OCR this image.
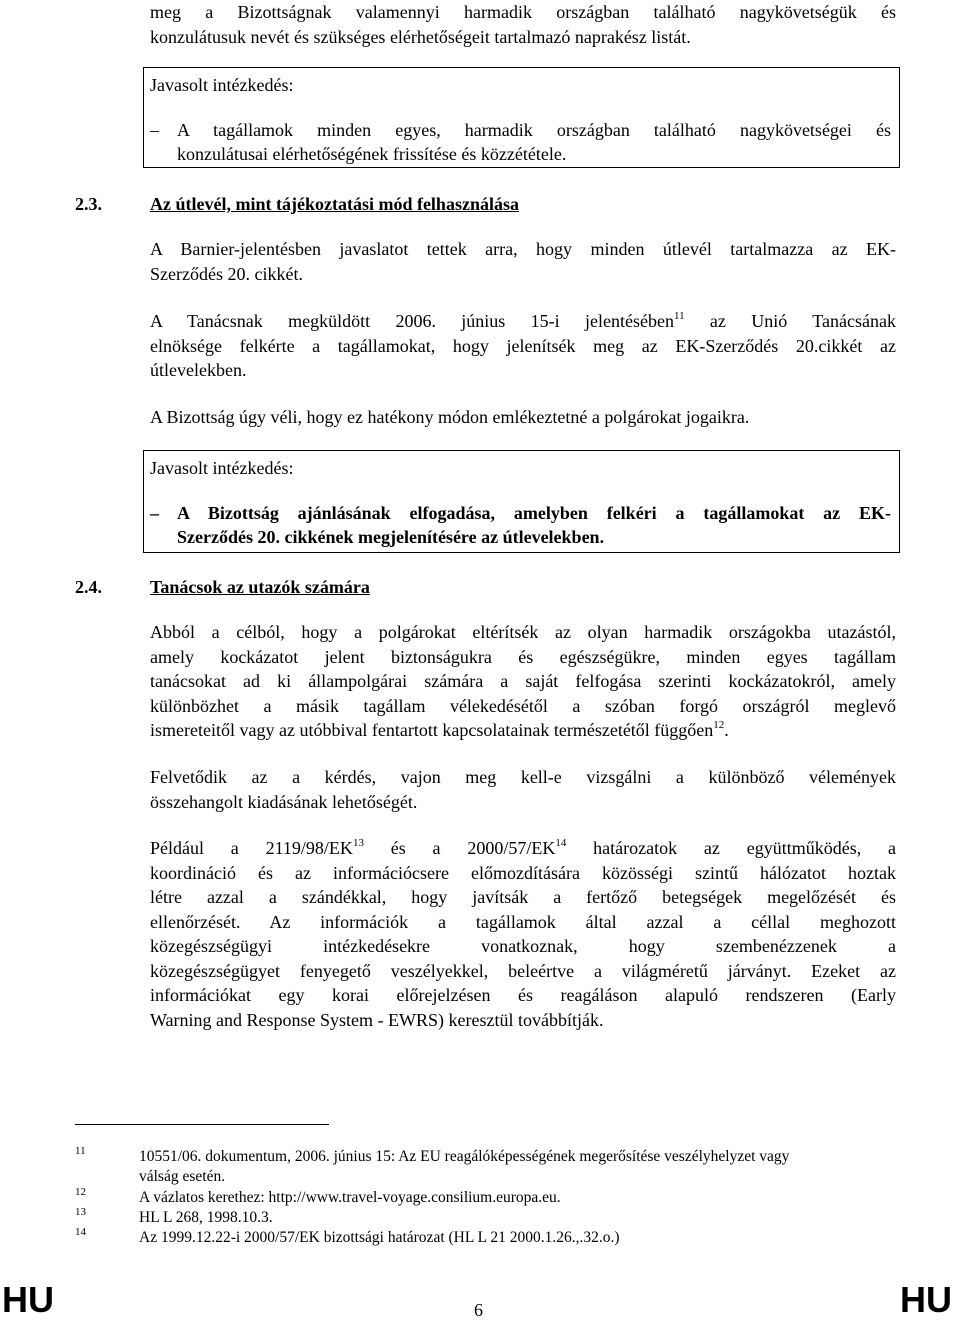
meg a Bizottságnak valamennyi harmadik országban található nagykövetségük és
konzulátusuk nevét és szükséges elérhetőségeit tartalmazó naprakész listát.
Javasolt intézkedés:
–	A tagállamok minden egyes, harmadik országban található nagykövetségei és
konzulátusai elérhetőségének frissítése és közzététele.
2.3.	Az útlevél, mint tájékoztatási mód felhasználása
A Barnier-jelentésben javaslatot tettek arra, hogy minden útlevél tartalmazza az EK-
Szerződés 20. cikkét.
A Tanácsnak megküldött 2006. június 15-i jelentésében$^{11}$ az Unió Tanácsának
elnöksége felkérte a tagállamokat, hogy jelenítsék meg az EK-Szerződés 20.cikkét az
útlevelekben.
A Bizottság úgy véli, hogy ez hatékony módon emlékeztetné a polgárokat jogaikra.
Javasolt intézkedés:
–	A Bizottság ajánlásának elfogadása, amelyben felkéri a tagállamokat az EK-
Szerződés 20. cikkének megjelenítésére az útlevelekben.
2.4.	Tanácsok az utazók számára
Abból a célból, hogy a polgárokat eltérítsék az olyan harmadik országokba utazástól,
amely kockázatot jelent biztonságukra és egészségükre, minden egyes tagállam
tanácsokat ad ki állampolgárai számára a saját felfogása szerinti kockázatokról, amely
különbözhet a másik tagállam vélekedésétől a szóban forgó országról meglevő
ismereteitől vagy az utóbbival fentartott kapcsolatainak természetétől függően$^{12}$.
Felvetődik az a kérdés, vajon meg kell-e vizsgálni a különböző vélemények
összehangolt kiadásának lehetőségét.
Például a 2119/98/EK$^{13}$ és a 2000/57/EK$^{14}$ határozatok az együttműködés, a
koordináció és az információcsere előmozdítására közösségi szintű hálózatot hoztak
létre azzal a szándékkal, hogy javítsák a fertőző betegségek megelőzését és
ellenőrzését. Az információk a tagállamok által azzal a céllal meghozott
közegészségügyi intézkedésekre vonatkoznak, hogy szembenézzenek a
közegészségügyet fenyegető veszélyekkel, beleértve a világméretű járványt. Ezeket az
információkat egy korai előrejelzésen és reagáláson alapuló rendszeren (Early
Warning and Response System - EWRS) keresztül továbbítják.
11	10551/06. dokumentum, 2006. június 15: Az EU reagálóképességének megerősítése veszélyhelyzet vagy
válság esetén.
12	A vázlatos kerethez: http://www.travel-voyage.consilium.europa.eu.
13	HL L 268, 1998.10.3.
14	Az 1999.12.22-i 2000/57/EK bizottsági határozat (HL L 21 2000.1.26.,.32.o.)
HU	6	HU
